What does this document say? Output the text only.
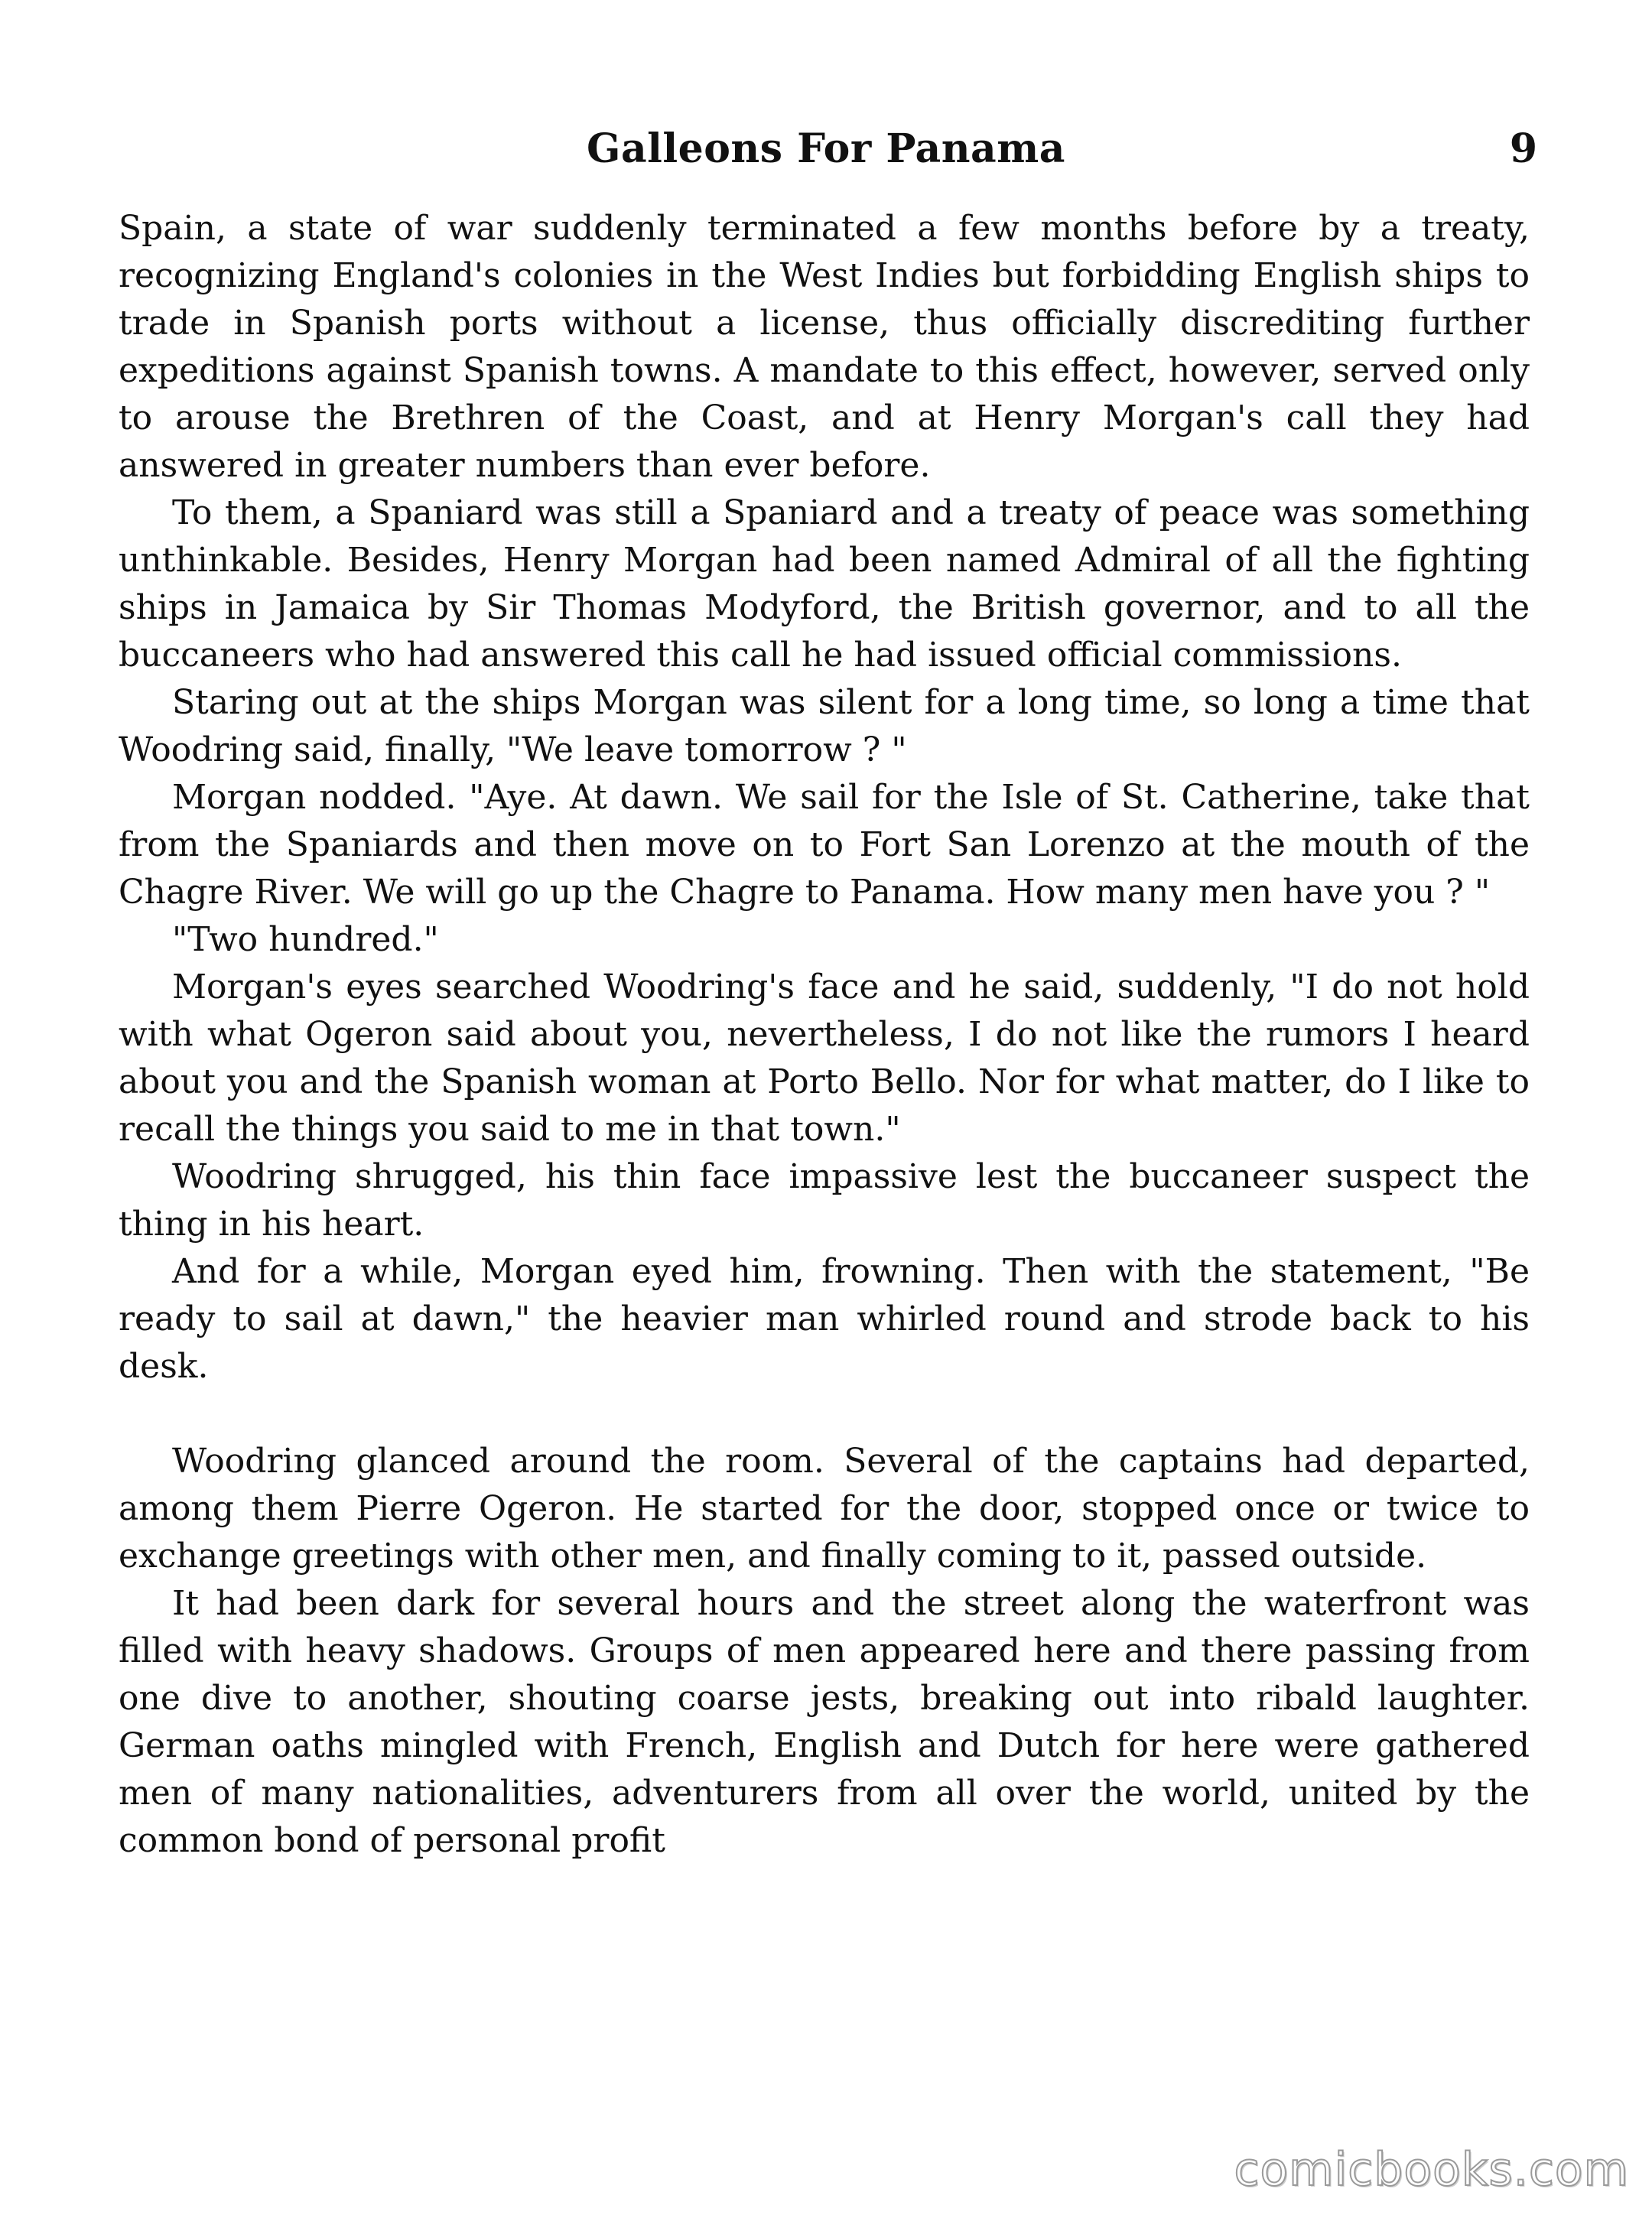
Galleons For Panama	9

Spain, a state of war suddenly terminated a few months before by a treaty, recognizing England's colonies in the West Indies but forbidding English ships to trade in Spanish ports without a license, thus officially discrediting further expeditions against Spanish towns. A mandate to this effect, however, served only to arouse the Brethren of the Coast, and at Henry Morgan's call they had answered in greater numbers than ever before.

To them, a Spaniard was still a Spaniard and a treaty of peace was something unthinkable. Besides, Henry Morgan had been named Admiral of all the fighting ships in Jamaica by Sir Thomas Modyford, the British governor, and to all the buccaneers who had answered this call he had issued official commissions.

Staring out at the ships Morgan was silent for a long time, so long a time that Woodring said, finally, "We leave tomorrow ? "

Morgan nodded. "Aye. At dawn. We sail for the Isle of St. Catherine, take that from the Spaniards and then move on to Fort San Lorenzo at the mouth of the Chagre River. We will go up the Chagre to Panama. How many men have you ? "

"Two hundred."

Morgan's eyes searched Woodring's face and he said, suddenly, "I do not hold with what Ogeron said about you, nevertheless, I do not like the rumors I heard about you and the Spanish woman at Porto Bello. Nor for what matter, do I like to recall the things you said to me in that town."

Woodring shrugged, his thin face impassive lest the buccaneer suspect the thing in his heart.

And for a while, Morgan eyed him, frowning. Then with the statement, "Be ready to sail at dawn," the heavier man whirled round and strode back to his desk.

Woodring glanced around the room. Several of the captains had departed, among them Pierre Ogeron. He started for the door, stopped once or twice to exchange greetings with other men, and finally coming to it, passed outside.

It had been dark for several hours and the street along the waterfront was filled with heavy shadows. Groups of men appeared here and there passing from one dive to another, shouting coarse jests, breaking out into ribald laughter. German oaths mingled with French, English and Dutch for here were gathered men of many nationalities, adventurers from all over the world, united by the common bond of personal profit

comicbooks.com
